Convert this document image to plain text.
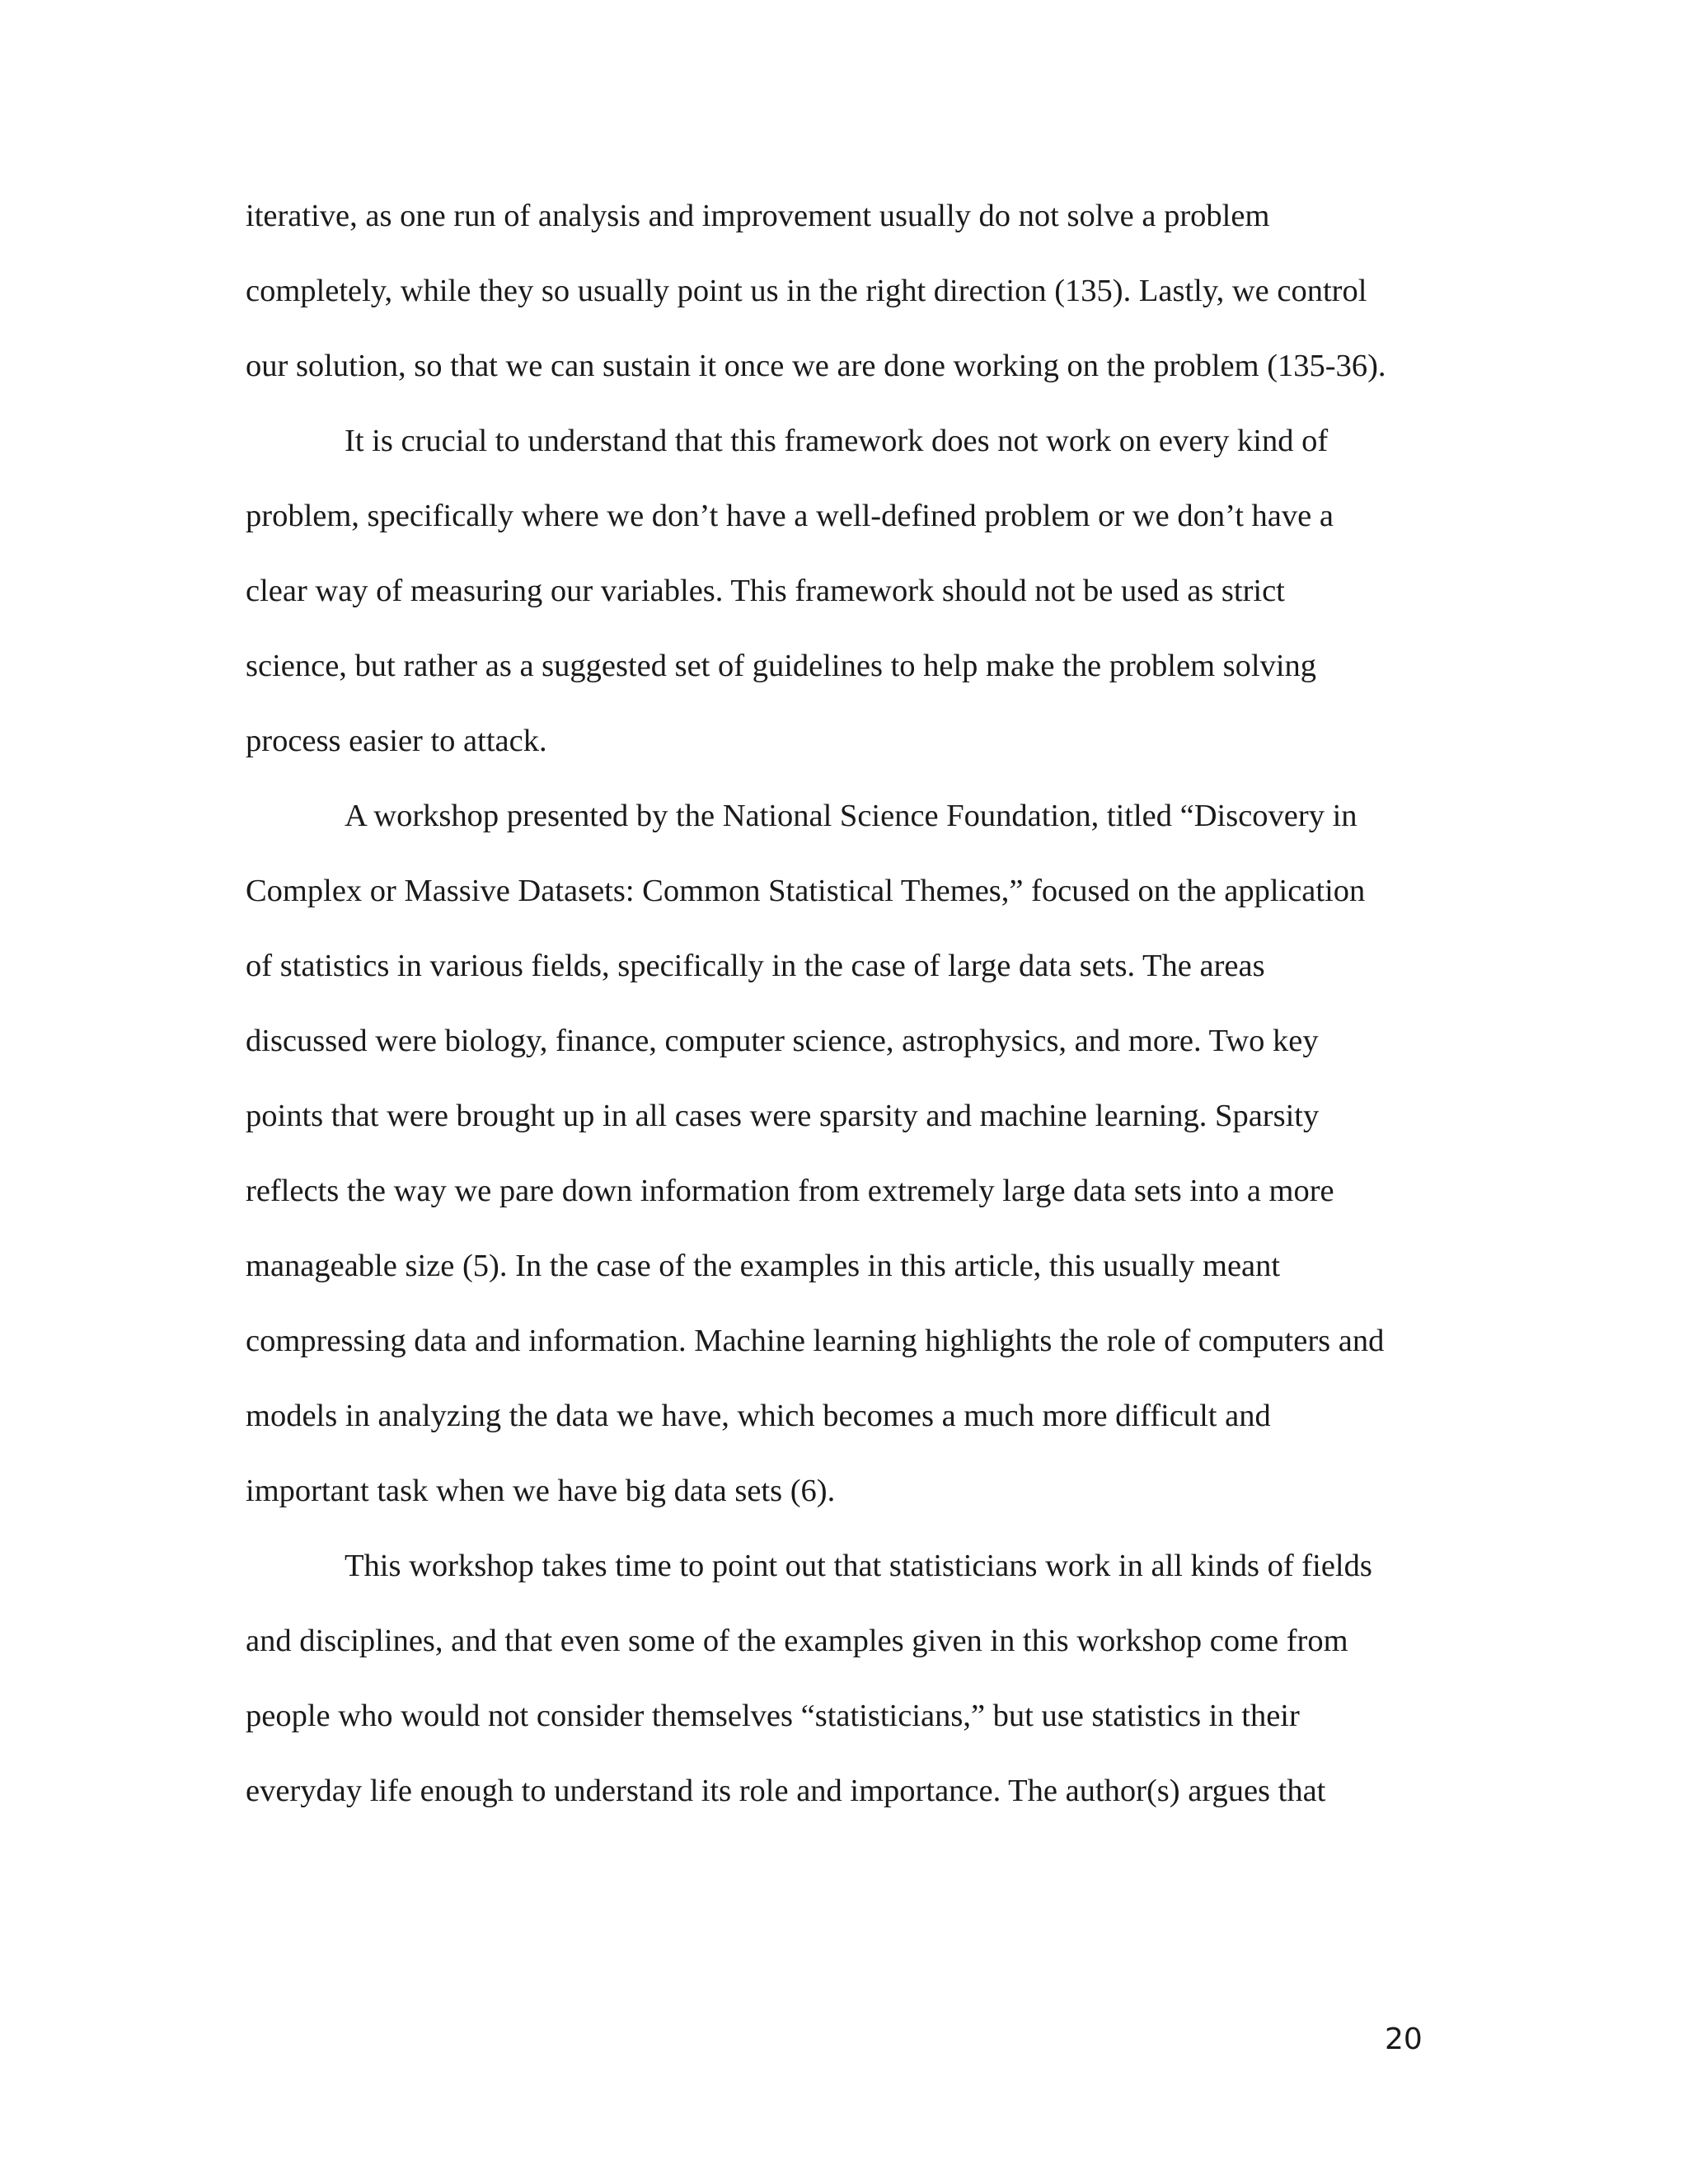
iterative, as one run of analysis and improvement usually do not solve a problem
completely, while they so usually point us in the right direction (135). Lastly, we control
our solution, so that we can sustain it once we are done working on the problem (135-36).
It is crucial to understand that this framework does not work on every kind of
problem, specifically where we don’t have a well-defined problem or we don’t have a
clear way of measuring our variables. This framework should not be used as strict
science, but rather as a suggested set of guidelines to help make the problem solving
process easier to attack.
A workshop presented by the National Science Foundation, titled “Discovery in
Complex or Massive Datasets: Common Statistical Themes,” focused on the application
of statistics in various fields, specifically in the case of large data sets. The areas
discussed were biology, finance, computer science, astrophysics, and more. Two key
points that were brought up in all cases were sparsity and machine learning. Sparsity
reflects the way we pare down information from extremely large data sets into a more
manageable size (5). In the case of the examples in this article, this usually meant
compressing data and information. Machine learning highlights the role of computers and
models in analyzing the data we have, which becomes a much more difficult and
important task when we have big data sets (6).
This workshop takes time to point out that statisticians work in all kinds of fields
and disciplines, and that even some of the examples given in this workshop come from
people who would not consider themselves “statisticians,” but use statistics in their
everyday life enough to understand its role and importance. The author(s) argues that
20
